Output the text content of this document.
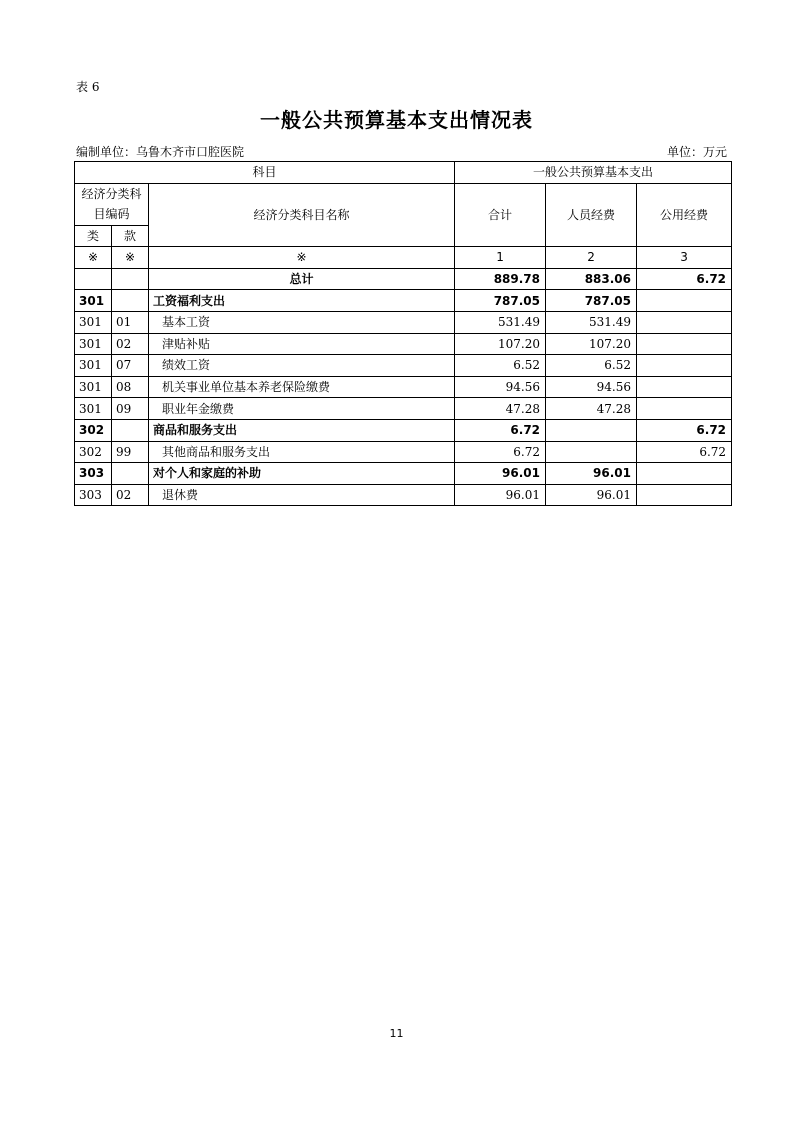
表 6
一般公共预算基本支出情况表
编制单位：乌鲁木齐市口腔医院	单位：万元
科目			一般公共预算基本支出		
经济分类科目编码		经济分类科目名称	合计	人员经费	公用经费
类	款				
※	※	※	1	2	3
		总计	889.78	883.06	6.72
301		工资福利支出	787.05	787.05	
301	01	基本工资	531.49	531.49	
301	02	津贴补贴	107.20	107.20	
301	07	绩效工资	6.52	6.52	
301	08	机关事业单位基本养老保险缴费	94.56	94.56	
301	09	职业年金缴费	47.28	47.28	
302		商品和服务支出	6.72		6.72
302	99	其他商品和服务支出	6.72		6.72
303		对个人和家庭的补助	96.01	96.01	
303	02	退休费	96.01	96.01	
11
